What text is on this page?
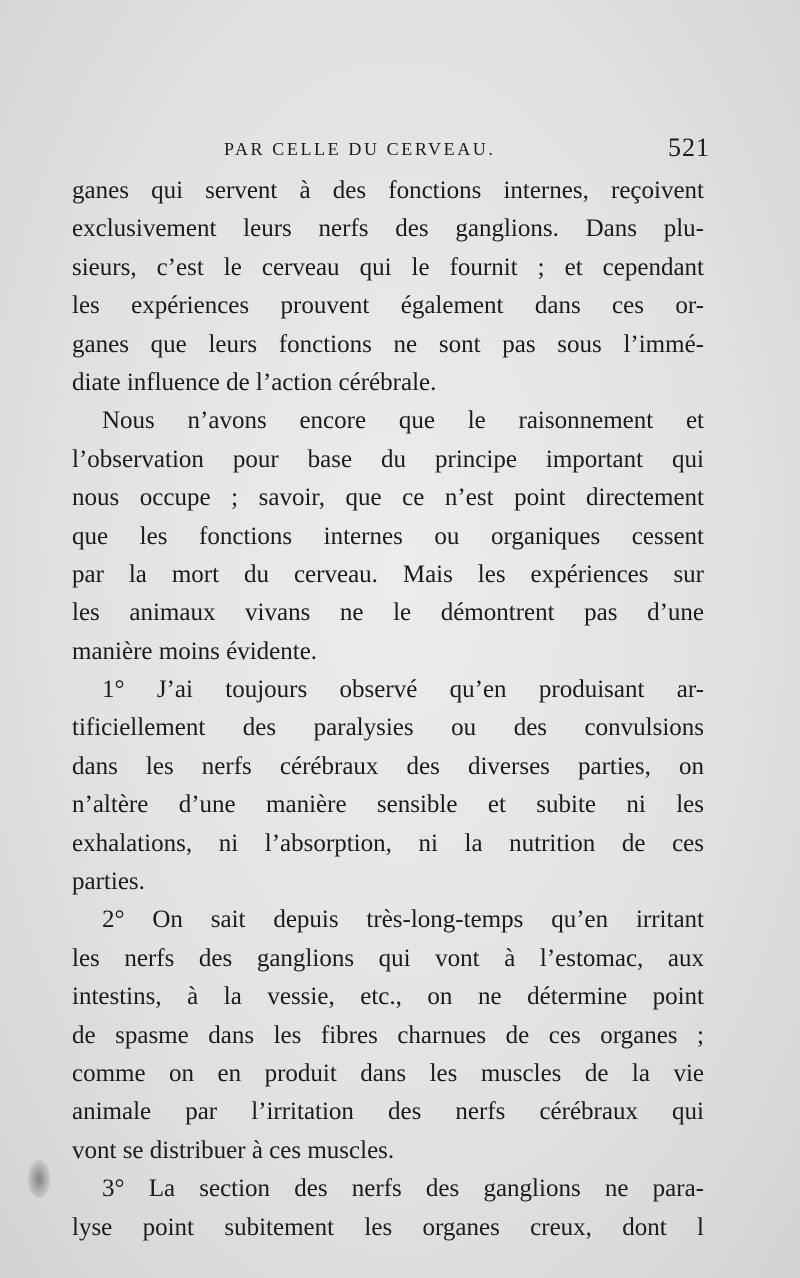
PAR CELLE DU CERVEAU.	521
ganes qui servent à des fonctions internes, reçoivent
exclusivement leurs nerfs des ganglions. Dans plu-
sieurs, c’est le cerveau qui le fournit ; et cependant
les expériences prouvent également dans ces or-
ganes que leurs fonctions ne sont pas sous l’immé-
diate influence de l’action cérébrale.
Nous n’avons encore que le raisonnement et
l’observation pour base du principe important qui
nous occupe ; savoir, que ce n’est point directement
que les fonctions internes ou organiques cessent
par la mort du cerveau. Mais les expériences sur
les animaux vivans ne le démontrent pas d’une
manière moins évidente.
1° J’ai toujours observé qu’en produisant ar-
tificiellement des paralysies ou des convulsions
dans les nerfs cérébraux des diverses parties, on
n’altère d’une manière sensible et subite ni les
exhalations, ni l’absorption, ni la nutrition de ces
parties.
2° On sait depuis très-long-temps qu’en irritant
les nerfs des ganglions qui vont à l’estomac, aux
intestins, à la vessie, etc., on ne détermine point
de spasme dans les fibres charnues de ces organes ;
comme on en produit dans les muscles de la vie
animale par l’irritation des nerfs cérébraux qui
vont se distribuer à ces muscles.
3° La section des nerfs des ganglions ne para-
lyse point subitement les organes creux, dont l
